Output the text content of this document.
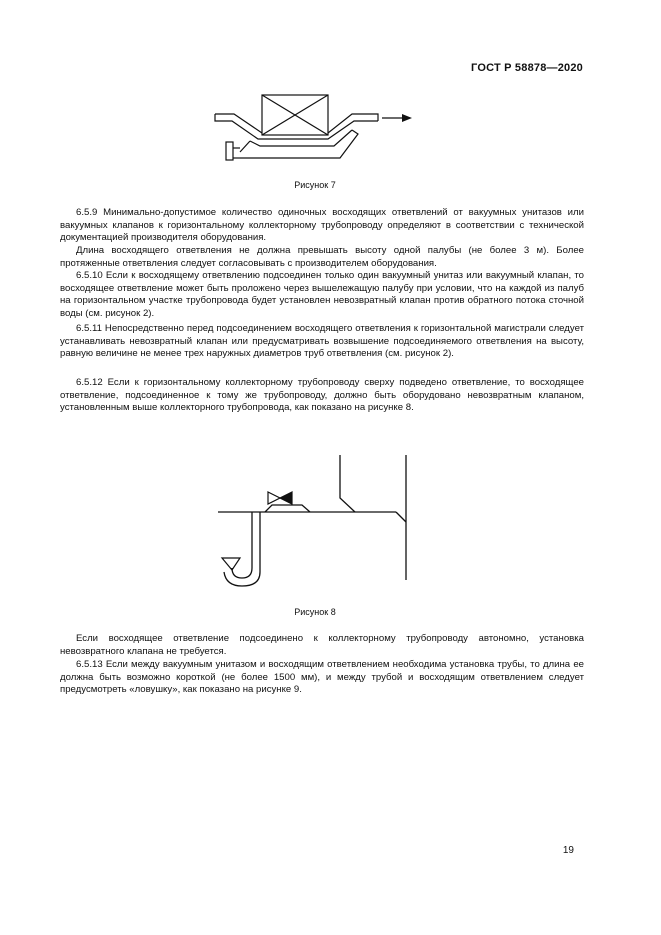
ГОСТ Р 58878—2020
Рисунок 7

6.5.9 Минимально-допустимое количество одиночных восходящих ответвлений от вакуумных унитазов или вакуумных клапанов к горизонтальному коллекторному трубопроводу определяют в соответствии с технической документацией производителя оборудования.

Длина восходящего ответвления не должна превышать высоту одной палубы (не более 3 м). Более протяженные ответвления следует согласовывать с производителем оборудования.

6.5.10 Если к восходящему ответвлению подсоединен только один вакуумный унитаз или вакуумный клапан, то восходящее ответвление может быть проложено через вышележащую палубу при условии, что на каждой из палуб на горизонтальном участке трубопровода будет установлен невозвратный клапан против обратного потока сточной воды (см. рисунок 2).

6.5.11 Непосредственно перед подсоединением восходящего ответвления к горизонтальной магистрали следует устанавливать невозвратный клапан или предусматривать возвышение подсоединяемого ответвления на высоту, равную величине не менее трех наружных диаметров труб ответвления (см. рисунок 2).

6.5.12 Если к горизонтальному коллекторному трубопроводу сверху подведено ответвление, то восходящее ответвление, подсоединенное к тому же трубопроводу, должно быть оборудовано невозвратным клапаном, установленным выше коллекторного трубопровода, как показано на рисунке 8.

Рисунок 8

Если восходящее ответвление подсоединено к коллекторному трубопроводу автономно, установка невозвратного клапана не требуется.

6.5.13 Если между вакуумным унитазом и восходящим ответвлением необходима установка трубы, то длина ее должна быть возможно короткой (не более 1500 мм), и между трубой и восходящим ответвлением следует предусмотреть «ловушку», как показано на рисунке 9.

19
